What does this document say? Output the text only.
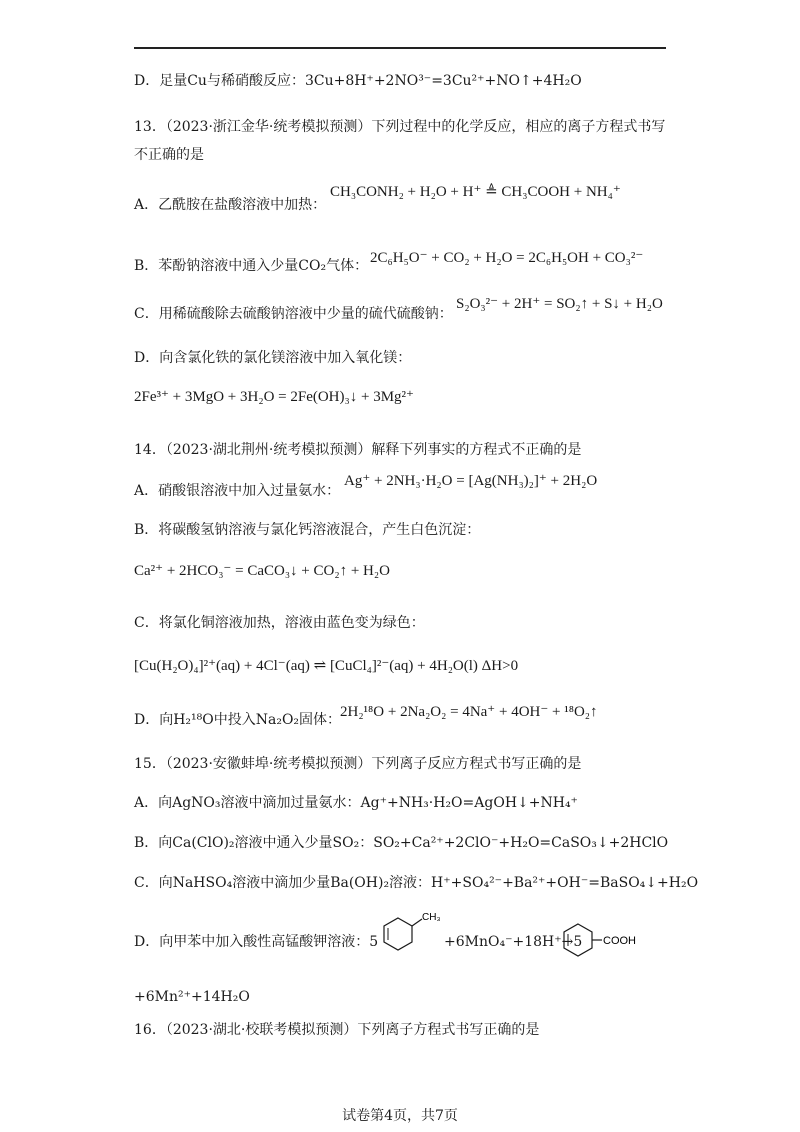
D．足量Cu与稀硝酸反应：3Cu+8H⁺+2NO³⁻=3Cu²⁺+NO↑+4H₂O
13．（2023·浙江金华·统考模拟预测）下列过程中的化学反应，相应的离子方程式书写
不正确的是
A．乙酰胺在盐酸溶液中加热：
CH₃CONH₂ + H₂O + H⁺ ≜ CH₃COOH + NH₄⁺
B．苯酚钠溶液中通入少量CO₂气体： 2C₆H₅O⁻ + CO₂ + H₂O = 2C₆H₅OH + CO₃²⁻
C．用稀硫酸除去硫酸钠溶液中少量的硫代硫酸钠：
S₂O₃²⁻ + 2H⁺ = SO₂↑ + S↓ + H₂O
D．向含氯化铁的氯化镁溶液中加入氧化镁：
2Fe³⁺ + 3MgO + 3H₂O = 2Fe(OH)₃↓ + 3Mg²⁺
14．（2023·湖北荆州·统考模拟预测）解释下列事实的方程式不正确的是
A．硝酸银溶液中加入过量氨水：
Ag⁺ + 2NH₃·H₂O = [Ag(NH₃)₂]⁺ + 2H₂O
B．将碳酸氢钠溶液与氯化钙溶液混合，产生白色沉淀：
Ca²⁺ + 2HCO₃⁻ = CaCO₃↓ + CO₂↑ + H₂O
C．将氯化铜溶液加热，溶液由蓝色变为绿色：
[Cu(H₂O)₄]²⁺(aq) + 4Cl⁻(aq) ⇌ [CuCl₄]²⁻(aq) + 4H₂O(l) ΔH>0
D．向H₂¹⁸O中投入Na₂O₂固体：
2H₂¹⁸O + 2Na₂O₂ = 4Na⁺ + 4OH⁻ + ¹⁸O₂↑
15．（2023·安徽蚌埠·统考模拟预测）下列离子反应方程式书写正确的是
A．向AgNO₃溶液中滴加过量氨水：Ag⁺+NH₃·H₂O=AgOH↓+NH₄⁺
B．向Ca(ClO)₂溶液中通入少量SO₂：SO₂+Ca²⁺+2ClO⁻+H₂O=CaSO₃↓+2HClO
C．向NaHSO₄溶液中滴加少量Ba(OH)₂溶液：H⁺+SO₄²⁻+Ba²⁺+OH⁻=BaSO₄↓+H₂O
D．向甲苯中加入酸性高锰酸钾溶液：5
CH₃
+6MnO₄⁻+18H⁺→5 COOH
+6Mn²⁺+14H₂O
16．（2023·湖北·校联考模拟预测）下列离子方程式书写正确的是
试卷第4页，共7页
